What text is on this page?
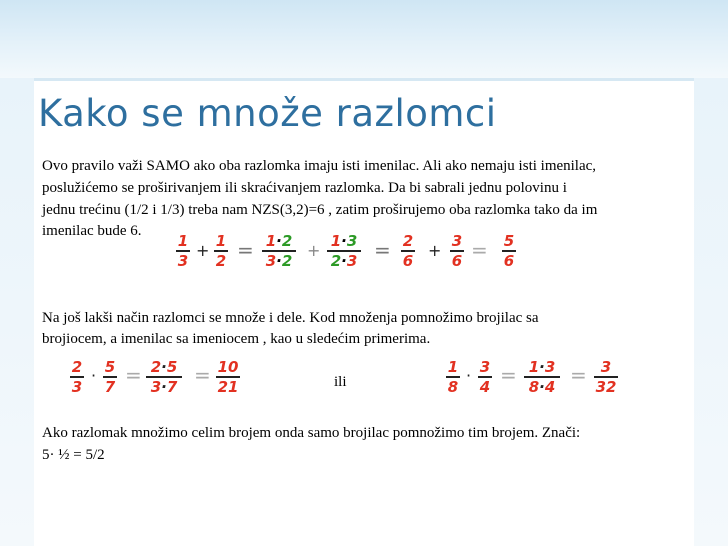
Kako se množe razlomci
Ovo pravilo važi SAMO ako oba razlomka imaju isti imenilac. Ali ako nemaju isti imenilac,
poslužićemo se proširivanjem ili skraćivanjem razlomka. Da bi sabrali jednu polovinu i
jednu trećinu (1/2 i 1/3) treba nam NZS(3,2)=6 , zatim proširujemo oba razlomka tako da im
imenilac bude 6.
1
3
+ 1
2 = 1·2
3·2
+ 1·3
2·3 = 2
6
+ 3
6 = 5
6
Na još lakši način razlomci se množe i dele. Kod množenja pomnožimo brojilac sa
brojiocem, a imenilac sa imeniocem , kao u sledećim primerima.
2
3
· 5
7 = 2·5
3·7 = 10
21	ili
1
8
· 3
4 = 1·3
8·4 = 3
32
Ako razlomak množimo celim brojem onda samo brojilac pomnožimo tim brojem. Znači:
5· ½ = 5/2
